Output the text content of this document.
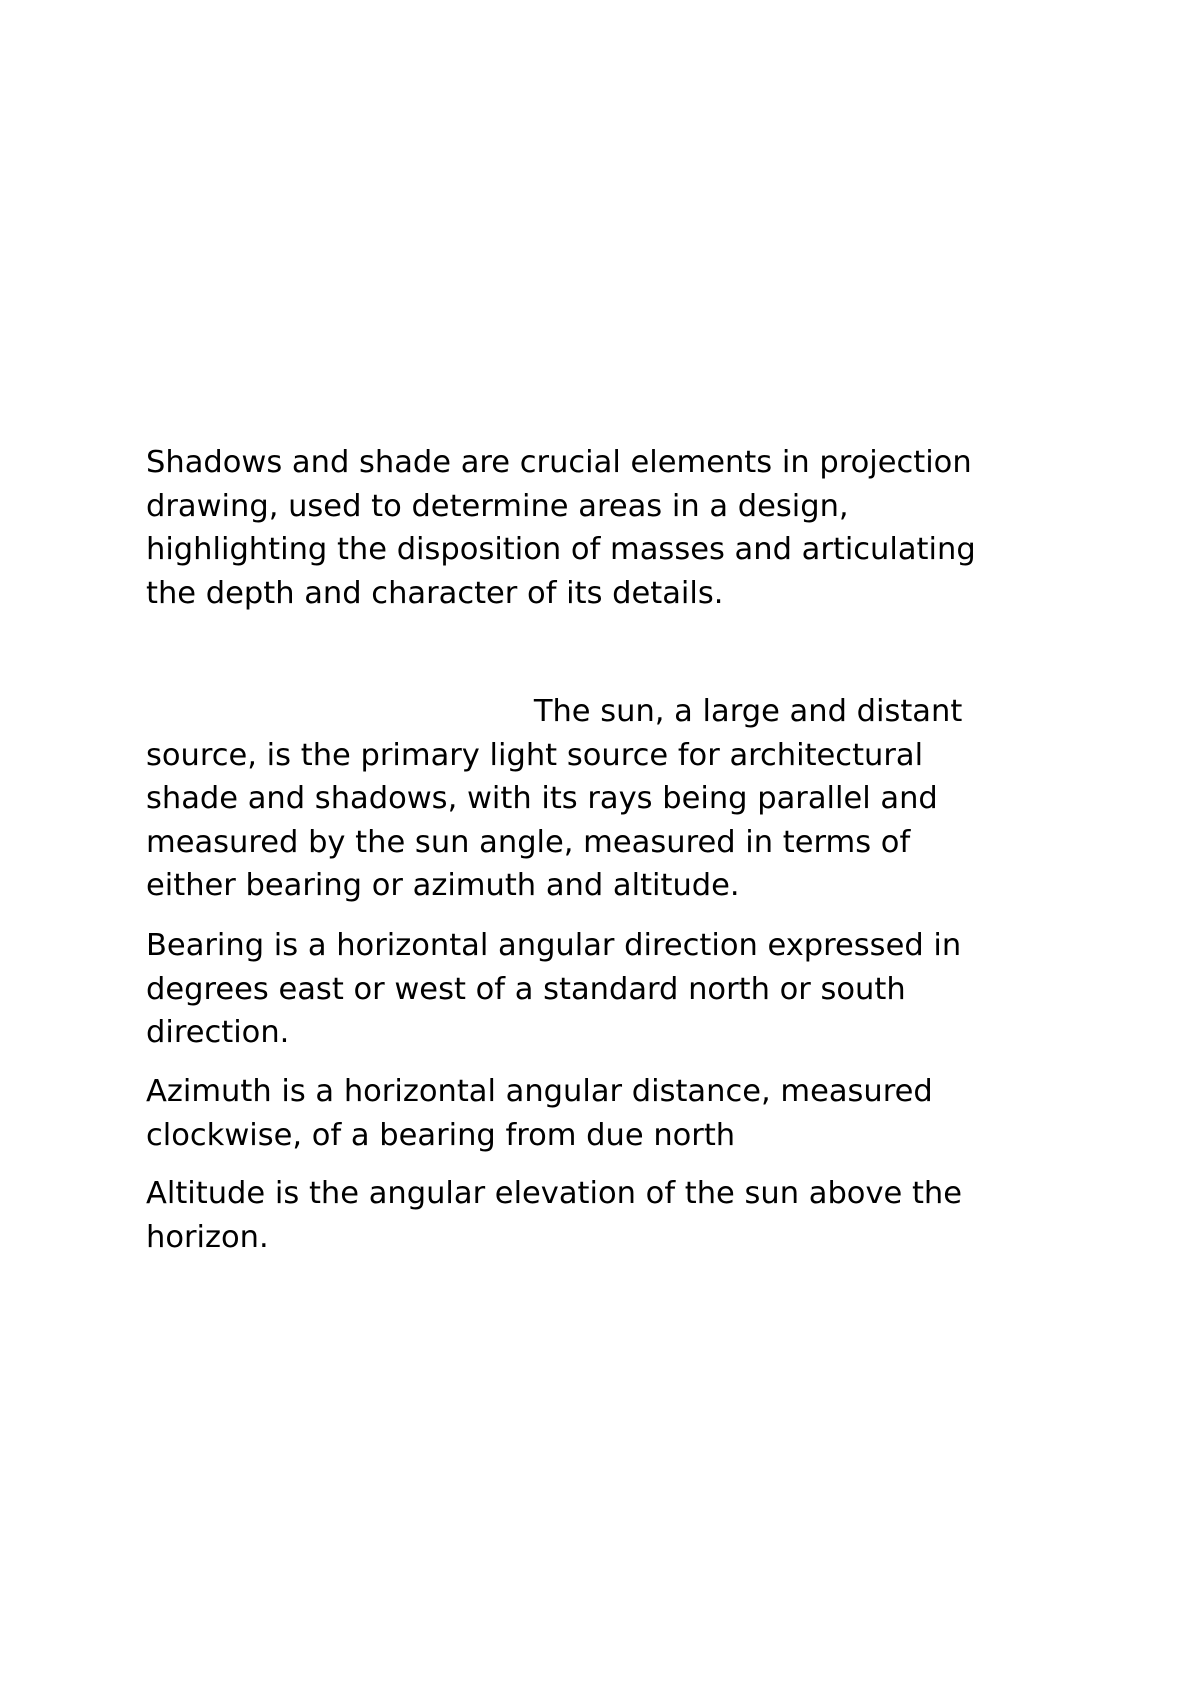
Shadows and shade are crucial elements in projection
drawing, used to determine areas in a design,
highlighting the disposition of masses and articulating
the depth and character of its details.

The sun, a large and distant
source, is the primary light source for architectural
shade and shadows, with its rays being parallel and
measured by the sun angle, measured in terms of
either bearing or azimuth and altitude.

Bearing is a horizontal angular direction expressed in
degrees east or west of a standard north or south
direction.

Azimuth is a horizontal angular distance, measured
clockwise, of a bearing from due north

Altitude is the angular elevation of the sun above the
horizon.
